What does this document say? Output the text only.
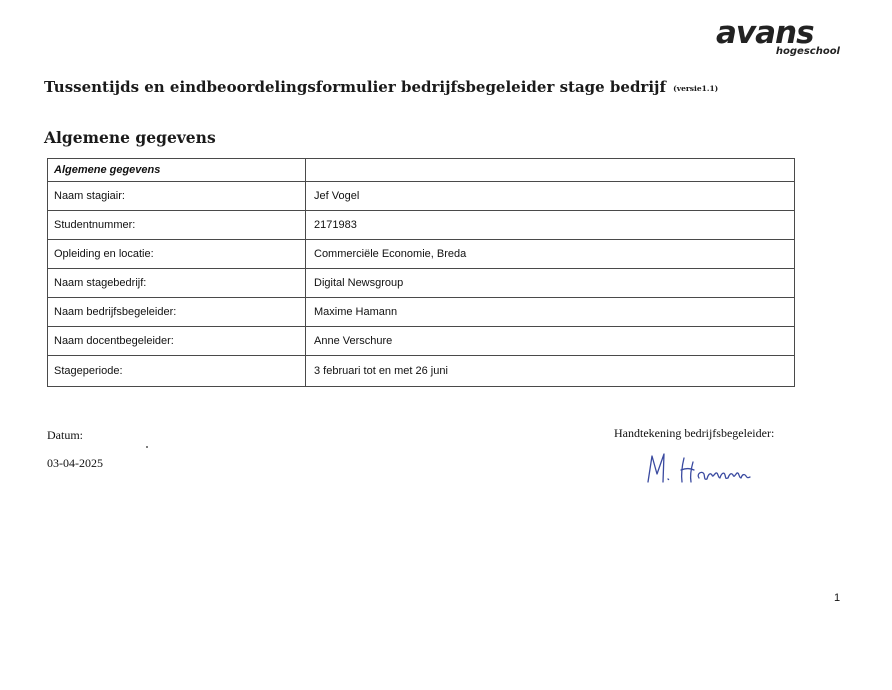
avans
hogeschool
Tussentijds en eindbeoordelingsformulier bedrijfsbegeleider stage bedrijf (versie1.1)
Algemene gegevens
Algemene gegevens	
Naam stagiair:	Jef Vogel
Studentnummer:	2171983
Opleiding en locatie:	Commerciële Economie, Breda
Naam stagebedrijf:	Digital Newsgroup
Naam bedrijfsbegeleider:	Maxime Hamann
Naam docentbegeleider:	Anne Verschure
Stageperiode:	3 februari tot en met 26 juni
Datum:
03-04-2025
Handtekening bedrijfsbegeleider:
1
